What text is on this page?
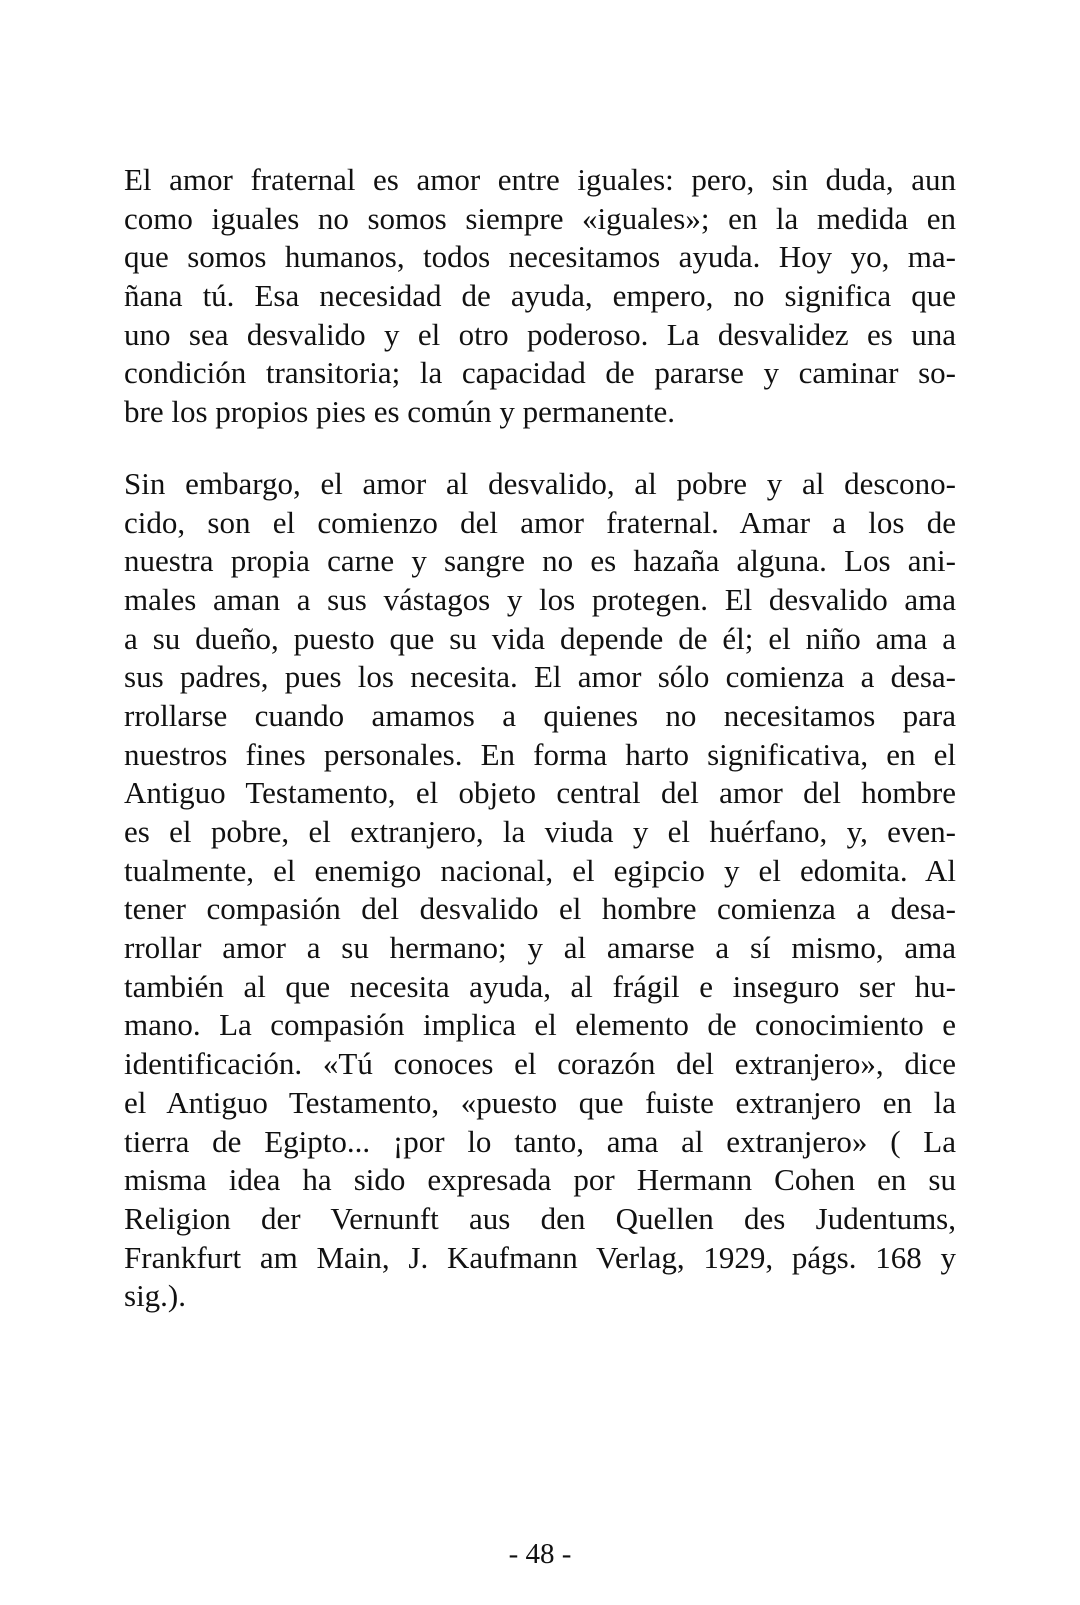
El amor fraternal es amor entre iguales: pero, sin duda, aun
como iguales no somos siempre «iguales»; en la medida en
que somos humanos, todos necesitamos ayuda. Hoy yo, ma-
ñana tú. Esa necesidad de ayuda, empero, no significa que
uno sea desvalido y el otro poderoso. La desvalidez es una
condición transitoria; la capacidad de pararse y caminar so-
bre los propios pies es común y permanente.

Sin embargo, el amor al desvalido, al pobre y al descono-
cido, son el comienzo del amor fraternal. Amar a los de
nuestra propia carne y sangre no es hazaña alguna. Los ani-
males aman a sus vástagos y los protegen. El desvalido ama
a su dueño, puesto que su vida depende de él; el niño ama a
sus padres, pues los necesita. El amor sólo comienza a desa-
rrollarse cuando amamos a quienes no necesitamos para
nuestros fines personales. En forma harto significativa, en el
Antiguo Testamento, el objeto central del amor del hombre
es el pobre, el extranjero, la viuda y el huérfano, y, even-
tualmente, el enemigo nacional, el egipcio y el edomita. Al
tener compasión del desvalido el hombre comienza a desa-
rrollar amor a su hermano; y al amarse a sí mismo, ama
también al que necesita ayuda, al frágil e inseguro ser hu-
mano. La compasión implica el elemento de conocimiento e
identificación. «Tú conoces el corazón del extranjero», dice
el Antiguo Testamento, «puesto que fuiste extranjero en la
tierra de Egipto... ¡por lo tanto, ama al extranjero» ( La
misma idea ha sido expresada por Hermann Cohen en su
Religion der Vernunft aus den Quellen des Judentums,
Frankfurt am Main, J. Kaufmann Verlag, 1929, págs. 168 y
sig.).

- 48 -
